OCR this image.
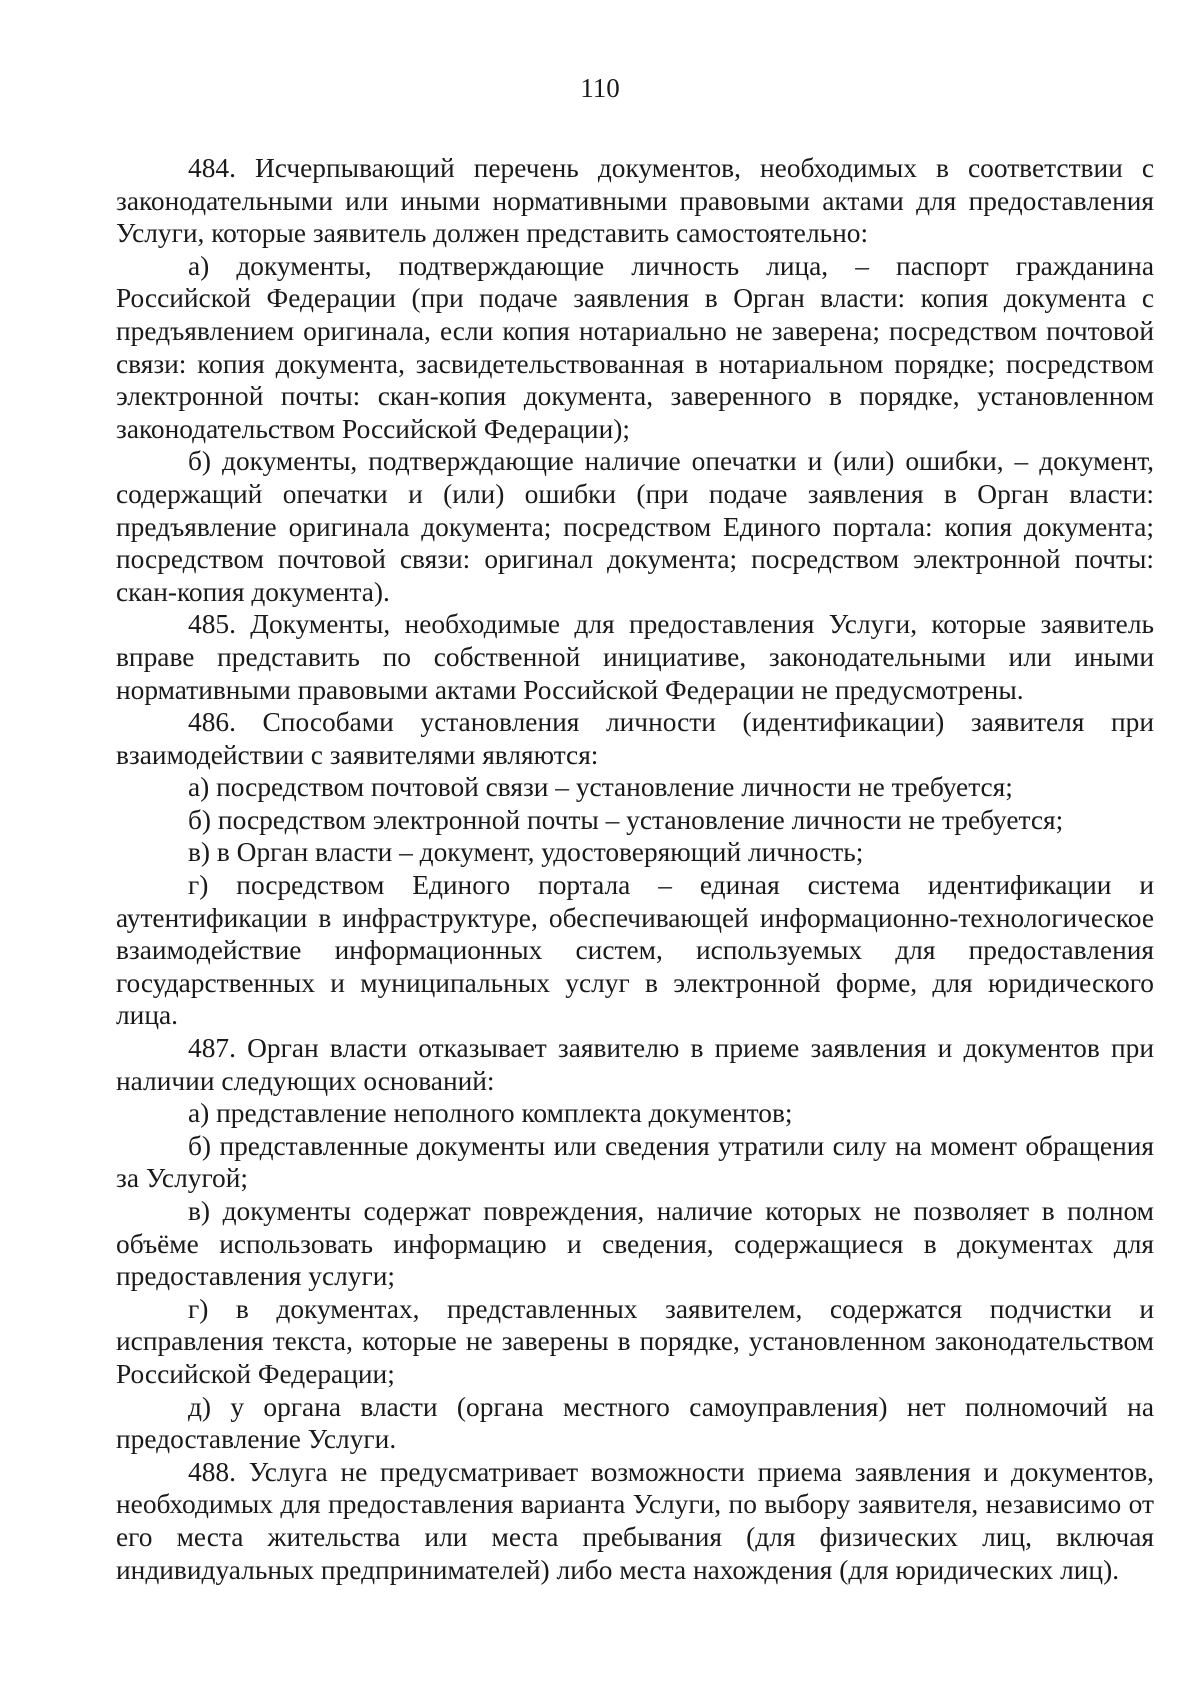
110

484. Исчерпывающий перечень документов, необходимых в соответствии с законодательными или иными нормативными правовыми актами для предоставления Услуги, которые заявитель должен представить самостоятельно:

а) документы, подтверждающие личность лица, – паспорт гражданина Российской Федерации (при подаче заявления в Орган власти: копия документа с предъявлением оригинала, если копия нотариально не заверена; посредством почтовой связи: копия документа, засвидетельствованная в нотариальном порядке; посредством электронной почты: скан-копия документа, заверенного в порядке, установленном законодательством Российской Федерации);

б) документы, подтверждающие наличие опечатки и (или) ошибки, – документ, содержащий опечатки и (или) ошибки (при подаче заявления в Орган власти: предъявление оригинала документа; посредством Единого портала: копия документа; посредством почтовой связи: оригинал документа; посредством электронной почты: скан-копия документа).

485. Документы, необходимые для предоставления Услуги, которые заявитель вправе представить по собственной инициативе, законодательными или иными нормативными правовыми актами Российской Федерации не предусмотрены.

486. Способами установления личности (идентификации) заявителя при взаимодействии с заявителями являются:

а) посредством почтовой связи – установление личности не требуется;

б) посредством электронной почты – установление личности не требуется;

в) в Орган власти – документ, удостоверяющий личность;

г) посредством Единого портала – единая система идентификации и аутентификации в инфраструктуре, обеспечивающей информационно-технологическое взаимодействие информационных систем, используемых для предоставления государственных и муниципальных услуг в электронной форме, для юридического лица.

487. Орган власти отказывает заявителю в приеме заявления и документов при наличии следующих оснований:

а) представление неполного комплекта документов;

б) представленные документы или сведения утратили силу на момент обращения за Услугой;

в) документы содержат повреждения, наличие которых не позволяет в полном объёме использовать информацию и сведения, содержащиеся в документах для предоставления услуги;

г) в документах, представленных заявителем, содержатся подчистки и исправления текста, которые не заверены в порядке, установленном законодательством Российской Федерации;

д) у органа власти (органа местного самоуправления) нет полномочий на предоставление Услуги.

488. Услуга не предусматривает возможности приема заявления и документов, необходимых для предоставления варианта Услуги, по выбору заявителя, независимо от его места жительства или места пребывания (для физических лиц, включая индивидуальных предпринимателей) либо места нахождения (для юридических лиц).
